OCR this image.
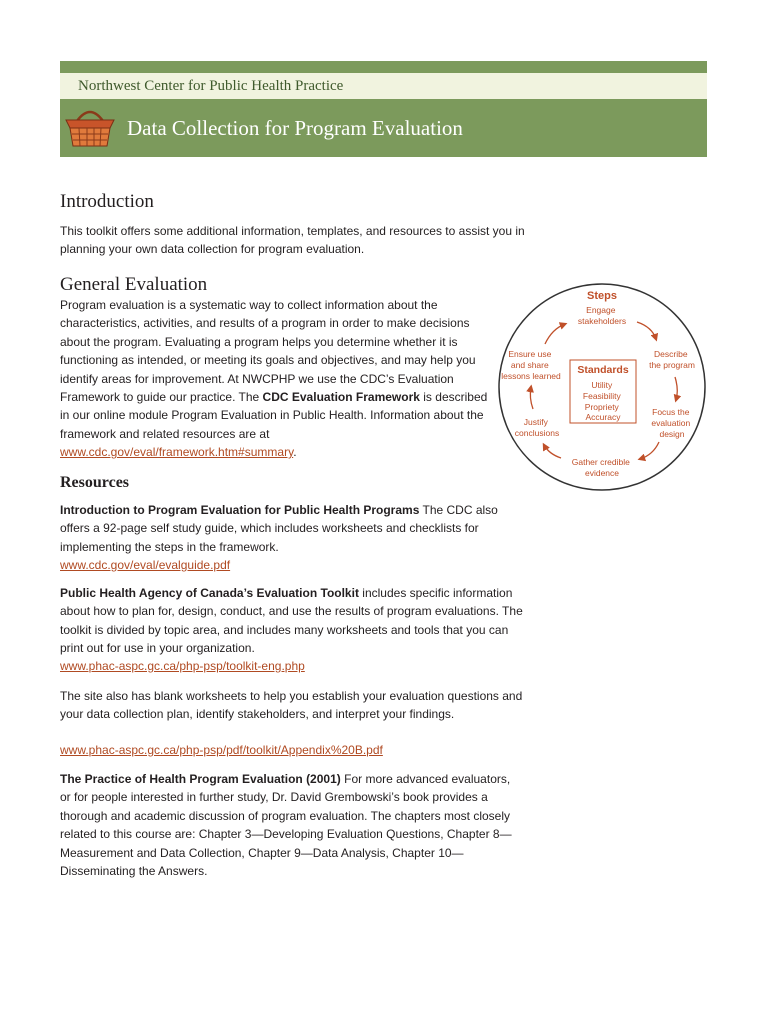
Northwest Center for Public Health Practice
Data Collection for Program Evaluation
Introduction

This toolkit offers some additional information, templates, and resources to assist you in planning your own data collection for program evaluation.

General Evaluation

Program evaluation is a systematic way to collect information about the characteristics, activities, and results of a program in order to make decisions about the program. Evaluating a program helps you determine whether it is functioning as intended, or meeting its goals and objectives, and may help you identify areas for improvement. At NWCPHP we use the CDC’s Evaluation Framework to guide our practice. The CDC Evaluation Framework is described in our online module Program Evaluation in Public Health. Information about the framework and related resources are at www.cdc.gov/eval/framework.htm#summary.

Steps
Engage stakeholders
Describe the program
Focus the evaluation design
Gather credible evidence
Justify conclusions
Ensure use and share lessons learned Standards
Utility Feasibility Propriety Accuracy
Resources

Introduction to Program Evaluation for Public Health Programs The CDC also offers a 92-page self study guide, which includes worksheets and checklists for implementing the steps in the framework.

www.cdc.gov/eval/evalguide.pdf

Public Health Agency of Canada’s Evaluation Toolkit includes specific information about how to plan for, design, conduct, and use the results of program evaluations. The toolkit is divided by topic area, and includes many worksheets and tools that you can print out for use in your organization.

www.phac-aspc.gc.ca/php-psp/toolkit-eng.php

The site also has blank worksheets to help you establish your evaluation questions and your data collection plan, identify stakeholders, and interpret your findings.

www.phac-aspc.gc.ca/php-psp/pdf/toolkit/Appendix%20B.pdf

The Practice of Health Program Evaluation (2001) For more advanced evaluators, or for people interested in further study, Dr. David Grembowski’s book provides a thorough and academic discussion of program evaluation. The chapters most closely related to this course are: Chapter 3—Developing Evaluation Questions, Chapter 8—Measurement and Data Collection, Chapter 9—Data Analysis, Chapter 10—Disseminating the Answers.
